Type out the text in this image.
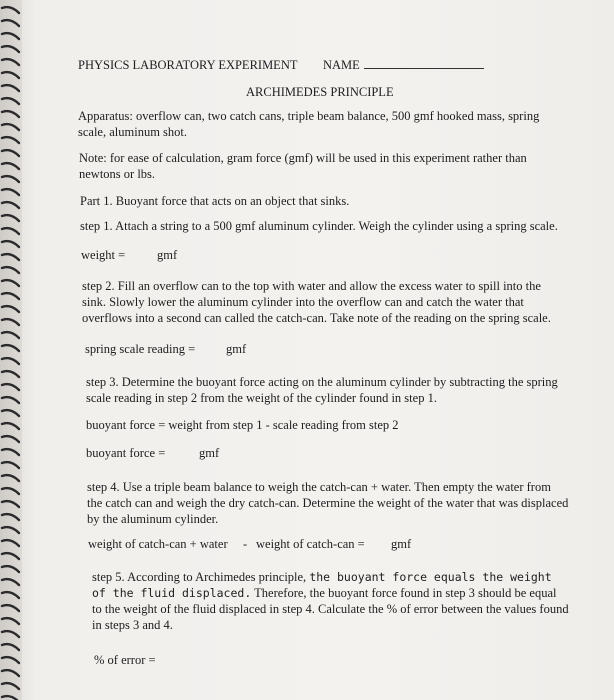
PHYSICS LABORATORY EXPERIMENT NAME
ARCHIMEDES PRINCIPLE
Apparatus: overflow can, two catch cans, triple beam balance, 500 gmf hooked mass, spring
scale, aluminum shot.
Note: for ease of calculation, gram force (gmf) will be used in this experiment rather than
newtons or lbs.
Part 1. Buoyant force that acts on an object that sinks.
step 1. Attach a string to a 500 gmf aluminum cylinder. Weigh the cylinder using a spring scale.
weight =	gmf
step 2. Fill an overflow can to the top with water and allow the excess water to spill into the
sink. Slowly lower the aluminum cylinder into the overflow can and catch the water that
overflows into a second can called the catch-can. Take note of the reading on the spring scale.
spring scale reading = gmf
step 3. Determine the buoyant force acting on the aluminum cylinder by subtracting the spring
scale reading in step 2 from the weight of the cylinder found in step 1.
buoyant force = weight from step 1 - scale reading from step 2
buoyant force =	gmf
step 4. Use a triple beam balance to weigh the catch-can + water. Then empty the water from
the catch can and weigh the dry catch-can. Determine the weight of the water that was displaced
by the aluminum cylinder.
weight of catch-can + water - weight of catch-can = gmf
step 5. According to Archimedes principle, the buoyant force equals the weight
of the fluid displaced. Therefore, the buoyant force found in step 3 should be equal
to the weight of the fluid displaced in step 4. Calculate the % of error between the values found
in steps 3 and 4.
% of error =
